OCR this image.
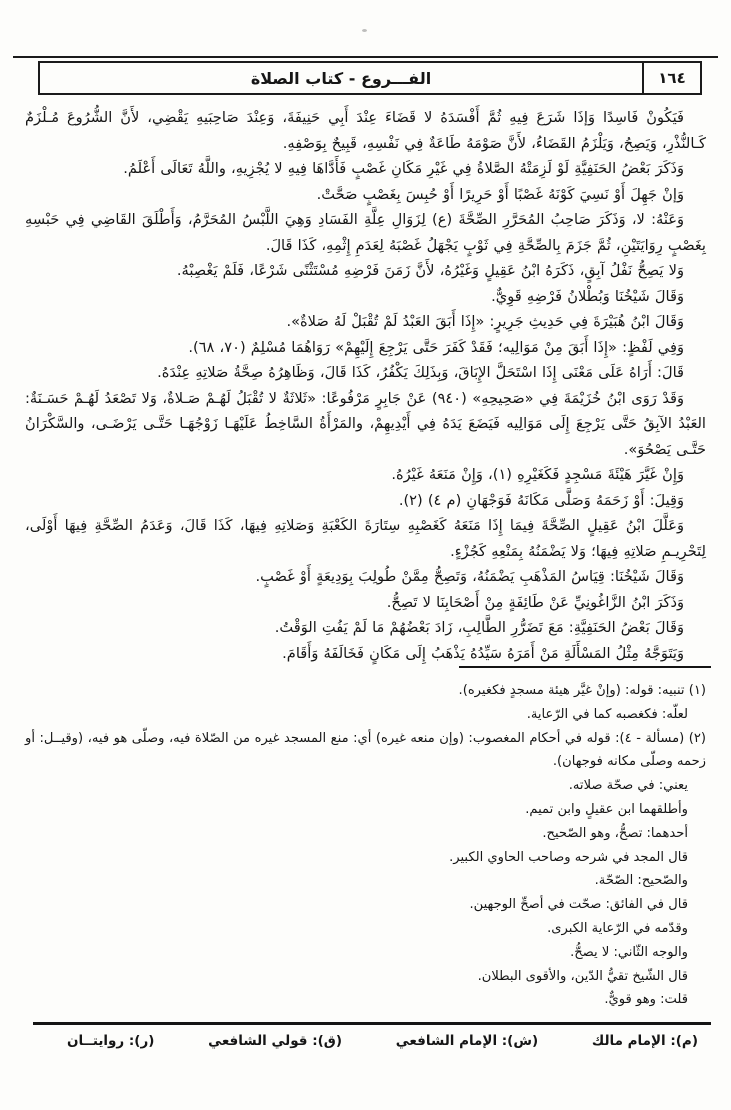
الفـــروع - كتاب الصلاة	١٦٤

فَيَكُونْ فَاسِدًا وَإذَا شَرَعَ فِيهِ ثُمَّ أَفْسَدَهُ لا قَضَاءَ عِنْدَ أَبِي حَنِيفَةَ، وَعِنْدَ صَاحِبَيهِ يَقْضِي، لأَنَّ الشُّرُوعَ مُـلْزَمٌ كَـالنُّذْرِ، وَيَصِحُ، وَيَلْزَمُ القَضَاءُ، لأَنَّ صَوْمَهُ طَاعَةٌ فِي نَفْسِهِ، قَبِيحٌ بِوَصْفِهِ.

وَذَكَرَ بَعْضُ الحَنَفِيَّةِ لَوْ لَزِمَتْهُ الصَّلاةُ فِي غَيْرِ مَكَانِ غَصْبٍ فَأَدَّاهَا فِيهِ لا يُجْزِيهِ، واللَّهُ تَعَالَى أَعْلَمُ.

وَإنْ جَهِلَ أَوْ نَسِيَ كَوْنَهُ غَصْبًا أَوْ حَرِيرًا أَوْ حُبِسَ بِغَصْبٍ صَحَّتْ.

وَعَنْهُ: لا، وَذَكَرَ صَاحِبُ المُحَرَّرِ الصِّحَّةَ (ع) لِزَوَالِ عِلَّةِ الفَسَادِ وَهِيَ اللَّبْسُ المُحَرَّمُ، وَأَطْلَقَ القَاضِي فِي حَبْسِهِ بِغَصْبٍ رِوَايَتَيْنِ، ثُمَّ جَزَمَ بِالصِّحَّةِ فِي ثَوْبٍ يَجْهَلُ غَصْبَهُ لِعَدَمِ إِثْمِهِ، كَذَا قَالَ.

وَلا يَصِحُّ نَفْلُ آبِقٍ، ذَكَرَهُ ابْنُ عَقِيلٍ وَغَيْرُهُ، لأَنَّ زَمَنَ فَرْضِهِ مُسْتَثْنًى شَرْعًا، فَلَمْ يَغْصِبْهُ.

وَقَالَ شَيْخُنَا وَبُطْلانُ فَرْضِهِ قَوِيٌّ.

وَقَالَ ابْنُ هُبَيْرَةَ فِي حَدِيثِ جَرِيرٍ: «إِذَا أَبَقَ العَبْدُ لَمْ تُقْبَلْ لَهُ صَلاةٌ».

وَفِي لَفْظٍ: «إِذَا أَبَقَ مِنْ مَوَالِيه؛ فَقَدْ كَفَرَ حَتَّى يَرْجِعَ إِلَيْهِمْ» رَوَاهُمَا مُسْلِمٌ (٧٠، ٦٨).

قَالَ: أَرَاهُ عَلَى مَعْنَى إِذَا اسْتَحَلَّ الإِبَاقَ، وَبِذَلِكَ يَكْفُرُ، كَذَا قَالَ، وَظَاهِرُهُ صِحَّةُ صَلاتِهِ عِنْدَهُ.

وَقَدْ رَوَى ابْنُ خُزَيْمَةَ فِي «صَحِيحِهِ» (٩٤٠) عَنْ جَابِرٍ مَرْفُوعًا: «ثَلاثَةٌ لا تُقْبَلُ لَهُـمْ صَـلاةٌ، وَلا تَصْعَدُ لَهُـمْ حَسَـنَةٌ: العَبْدُ الآبِقُ حَتَّى يَرْجِعَ إِلَى مَوَالِيه فَيَضَعَ يَدَهُ فِي أَيْدِيهِمْ، والمَرْأَةُ السَّاخِطُ عَلَيْهَـا زَوْجُهَـا حَتَّـى يَرْضَـى، والسَّكْرَانُ حَتَّـى يَصْحُوَ».

وَإِنْ غَيَّرَ هَيْئَةَ مَسْجِدٍ فَكَغَيْرِهِ (١)، وَإِنْ مَنَعَهُ غَيْرُهُ.

وَقِيلَ: أَوْ زَحَمَهُ وَصَلَّى مَكَانَهُ فَوَجْهَانِ (م ٤) (٢).

وَعَلَّلَ ابْنُ عَقِيلٍ الصِّحَّةَ فِيمَا إِذَا مَنَعَهُ كَغَصْبِهِ سِتَارَةَ الكَعْبَةِ وَصَلاتِهِ فِيهَا، كَذَا قَالَ، وَعَدَمُ الصِّحَّةِ فِيهَا أَوْلَى، لِتَحْرِيـمِ صَلاتِهِ فِيهَا؛ وَلا يَضْمَنُهُ بِمَنْعِهِ كَجُزْءٍ.

وَقَالَ شَيْخُنَا: قِيَاسُ المَذْهَبِ يَضْمَنُهُ، وَتَصِحُّ مِمَّنْ طُولِبَ بِوَدِيعَةٍ أَوْ غَصْبٍ.

وَذَكَرَ ابْنُ الزَّاغُونِيِّ عَنْ طَائِفَةٍ مِنْ أَصْحَابِنَا لا تَصِحُّ.

وَقَالَ بَعْضُ الحَنَفِيَّةِ: مَعَ تَضَرُّرِ الطَّالِبِ، زَادَ بَعْضُهُمْ مَا لَمْ يَفُتِ الوَقْتُ.

وَيَتَوَجَّهُ مِثْلُ المَسْأَلَةِ مَنْ أَمَرَهُ سَيِّدُهُ يَذْهَبُ إِلَى مَكَانٍ فَخَالَفَهُ وَأَقَامَ.

(١) تنبيه: قوله: (وإنْ غيَّر هيئة مسجدٍ فكغيره).

لعلّه: فكغصبه كما في الرّعاية.

(٢) (مسألة - ٤): قوله في أحكام المغصوب: (وإن منعه غيره) أي: منع المسجد غيره من الصّلاة فيه، وصلّى هو فيه، (وقيــل: أو زحمه وصلّى مكانه فوجهان).

يعني: في صحّة صلاته.

وأطلقهما ابن عقيلٍ وابن تميم.

أحدهما: تصحُّ، وهو الصّحيح.

قال المجد في شرحه وصاحب الحاوي الكبير.

والصّحيح: الصّحّة.

قال في الفائق: صحّت في أصحِّ الوجهين.

وقدّمه في الرّعاية الكبرى.

والوجه الثّاني: لا يصحُّ.

قال الشّيخ تقيُّ الدّين، والأقوى البطلان.

قلت: وهو قويٌّ.

(م): الإمام مالك
(ش): الإمام الشافعي
(ق): قولي الشافعي
(ر): روايتــان
